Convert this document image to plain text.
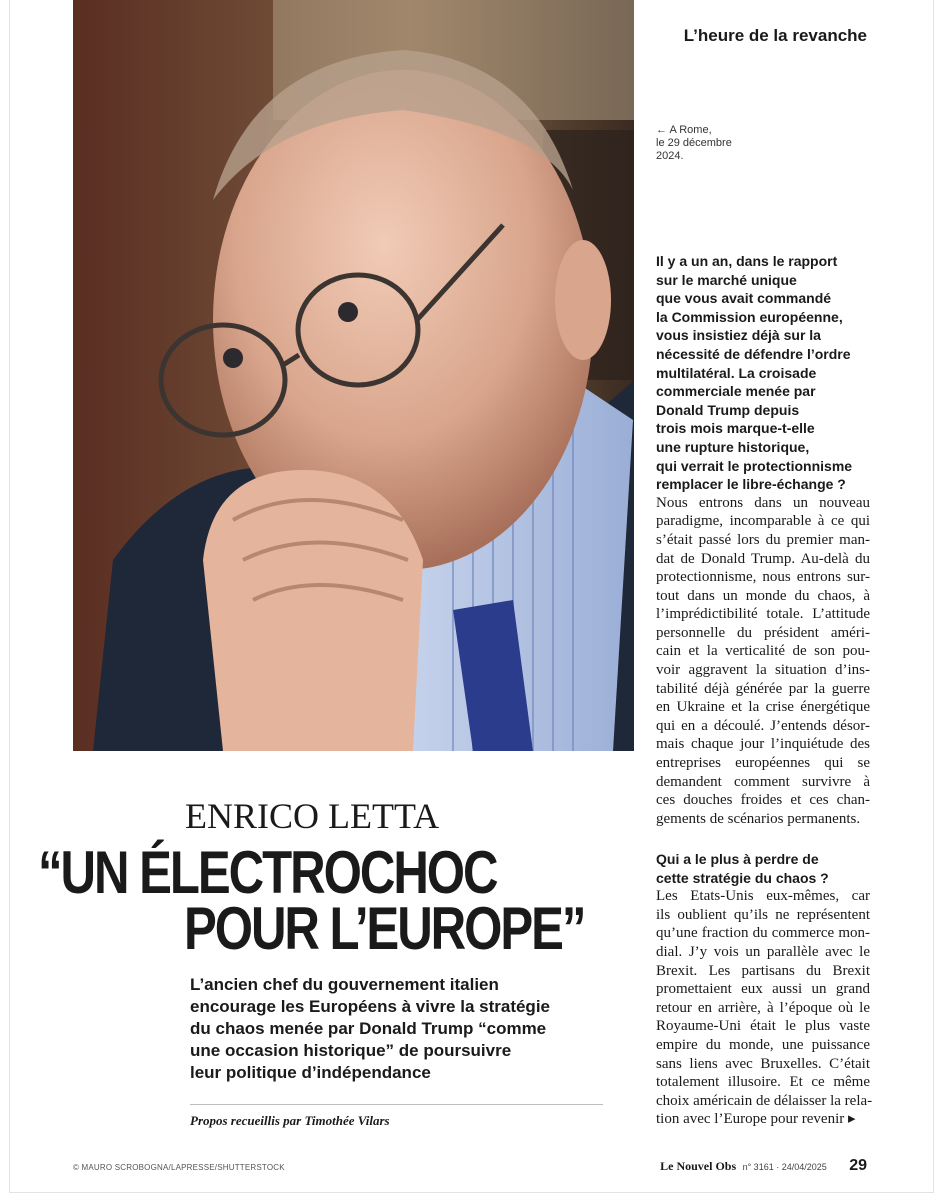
L’heure de la revanche
← A Rome,
le 29 décembre
2024.
Il y a un an, dans le rapport
sur le marché unique
que vous avait commandé
la Commission européenne,
vous insistiez déjà sur la
nécessité de défendre l’ordre
multilatéral. La croisade
commerciale menée par
Donald Trump depuis
trois mois marque-t-elle
une rupture historique,
qui verrait le protectionnisme
remplacer le libre-échange ?
Nous entrons dans un nouveau
paradigme, incomparable à ce qui
s’était passé lors du premier man-
dat de Donald Trump. Au-delà du
protectionnisme, nous entrons sur-
tout dans un monde du chaos, à
l’imprédictibilité totale. L’attitude
personnelle du président améri-
cain et la verticalité de son pou-
voir aggravent la situation d’ins-
tabilité déjà générée par la guerre
en Ukraine et la crise énergétique
qui en a découlé. J’entends désor-
mais chaque jour l’inquiétude des
entreprises européennes qui se
demandent comment survivre à
ces douches froides et ces chan-
gements de scénarios permanents.
Qui a le plus à perdre de
cette stratégie du chaos ?
Les Etats-Unis eux-mêmes, car
ils oublient qu’ils ne représentent
qu’une fraction du commerce mon-
dial. J’y vois un parallèle avec le
Brexit. Les partisans du Brexit
promettaient eux aussi un grand
retour en arrière, à l’époque où le
Royaume-Uni était le plus vaste
empire du monde, une puissance
sans liens avec Bruxelles. C’était
totalement illusoire. Et ce même
choix américain de délaisser la rela-
tion avec l’Europe pour revenir ▸
ENRICO LETTA
“UN ÉLECTROCHOC
POUR L’EUROPE”
L’ancien chef du gouvernement italien
encourage les Européens à vivre la stratégie
du chaos menée par Donald Trump “comme
une occasion historique” de poursuivre
leur politique d’indépendance
Propos recueillis par Timothée Vilars
© MAURO SCROBOGNA/LAPRESSE/SHUTTERSTOCK	Le Nouvel Obs n° 3161 · 24/04/2025 29
